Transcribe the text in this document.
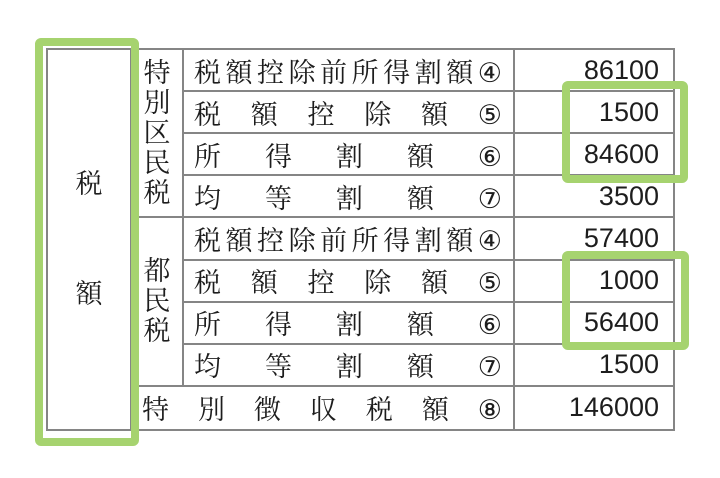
税
額
特
別
区
民
税
都
民
税
税額控除前所得割額④
税額控除額⑤
所得割額⑥
均等割額⑦
税額控除前所得割額④
税額控除額⑤
所得割額⑥
均等割額⑦
特別徴収税額⑧
86100
1500
84600
3500
57400
1000
56400
1500
146000
